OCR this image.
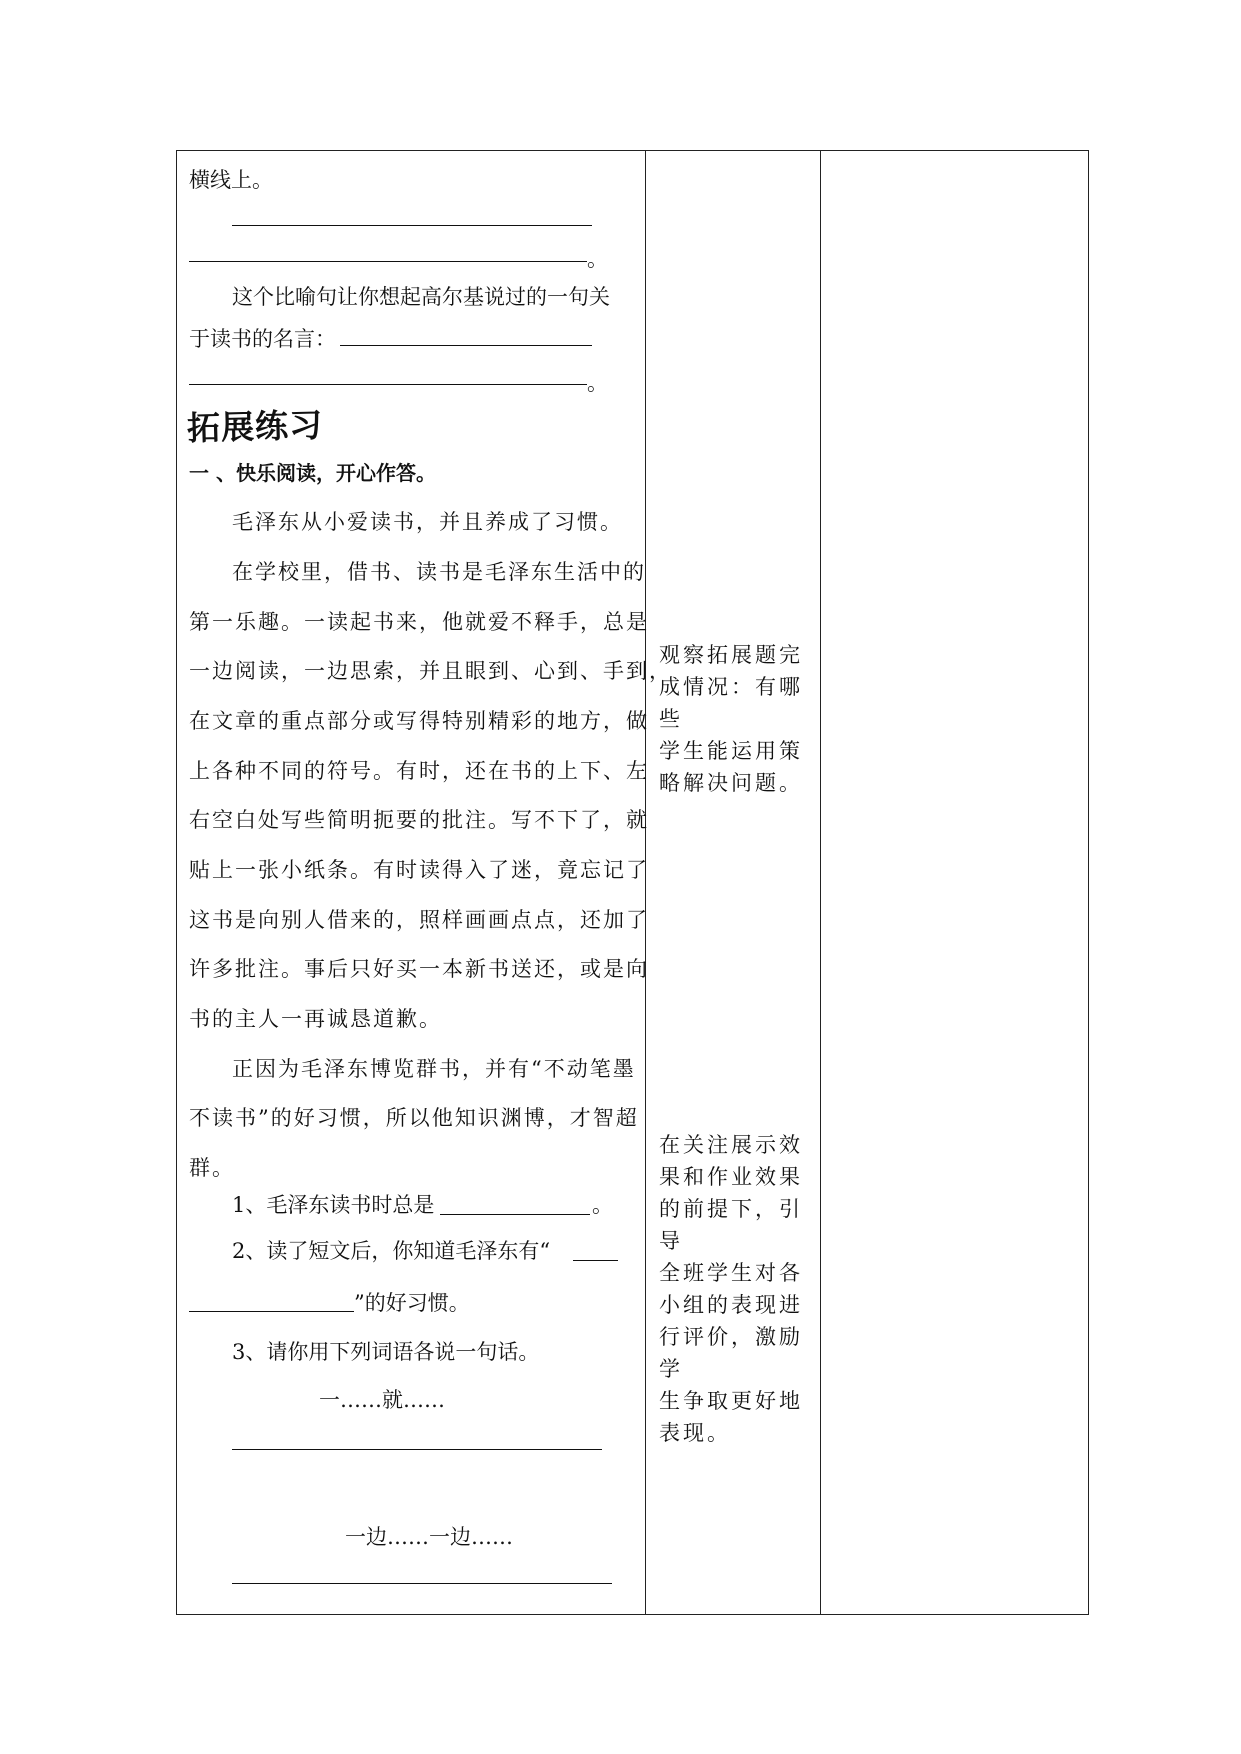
横线上。
。
这个比喻句让你想起高尔基说过的一句关
于读书的名言：
。
拓展练习
一 、快乐阅读，开心作答。
毛泽东从小爱读书，并且养成了习惯。
在学校里，借书、读书是毛泽东生活中的
第一乐趣。一读起书来，他就爱不释手，总是
一边阅读，一边思索，并且眼到、心到、手到，
在文章的重点部分或写得特别精彩的地方，做
上各种不同的符号。有时，还在书的上下、左
右空白处写些简明扼要的批注。写不下了，就
贴上一张小纸条。有时读得入了迷，竟忘记了
这书是向别人借来的，照样画画点点，还加了
许多批注。事后只好买一本新书送还，或是向
书的主人一再诚恳道歉。
正因为毛泽东博览群书，并有“不动笔墨
不读书”的好习惯，所以他知识渊博，才智超
群。
1、毛泽东读书时总是	。
2、读了短文后，你知道毛泽东有“
”的好习惯。
3、请你用下列词语各说一句话。
一……就……
一边……一边……
观察拓展题完
成情况：有哪些
学生能运用策
略解决问题。
在关注展示效
果和作业效果
的前提下，引导
全班学生对各
小组的表现进
行评价，激励学
生争取更好地
表现。
